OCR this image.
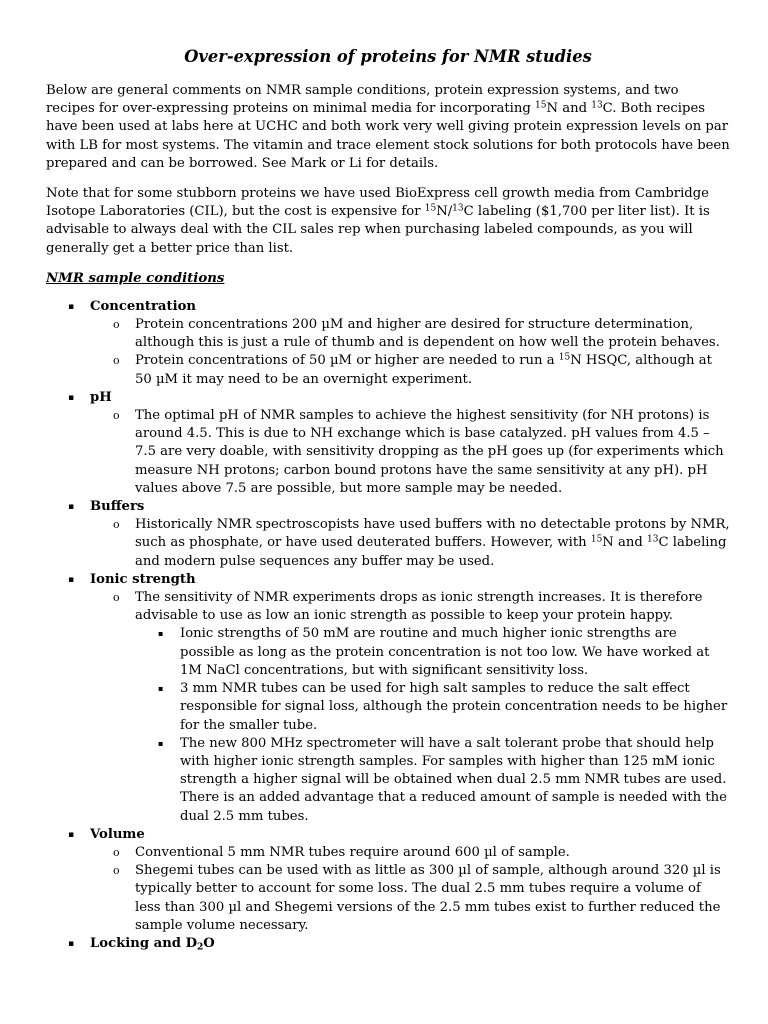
Over-expression of proteins for NMR studies

Below are general comments on NMR sample conditions, protein expression systems, and two recipes for over-expressing proteins on minimal media for incorporating $^{15}$N and $^{13}$C. Both recipes have been used at labs here at UCHC and both work very well giving protein expression levels on par with LB for most systems. The vitamin and trace element stock solutions for both protocols have been prepared and can be borrowed. See Mark or Li for details.

Note that for some stubborn proteins we have used BioExpress cell growth media from Cambridge Isotope Laboratories (CIL), but the cost is expensive for $^{15}$N/$^{13}$C labeling ($1,700 per liter list). It is advisable to always deal with the CIL sales rep when purchasing labeled compounds, as you will generally get a better price than list.

NMR sample conditions
▪ Concentration
o Protein concentrations 200 µM and higher are desired for structure determination, although this is just a rule of thumb and is dependent on how well the protein behaves.
o Protein concentrations of 50 µM or higher are needed to run a $^{15}$N HSQC, although at 50 µM it may need to be an overnight experiment.
▪ pH
o The optimal pH of NMR samples to achieve the highest sensitivity (for NH protons) is around 4.5. This is due to NH exchange which is base catalyzed. pH values from 4.5 – 7.5 are very doable, with sensitivity dropping as the pH goes up (for experiments which measure NH protons; carbon bound protons have the same sensitivity at any pH). pH values above 7.5 are possible, but more sample may be needed.
▪ Buffers
o Historically NMR spectroscopists have used buffers with no detectable protons by NMR, such as phosphate, or have used deuterated buffers. However, with $^{15}$N and $^{13}$C labeling and modern pulse sequences any buffer may be used.
▪ Ionic strength
o The sensitivity of NMR experiments drops as ionic strength increases. It is therefore advisable to use as low an ionic strength as possible to keep your protein happy.
▪ Ionic strengths of 50 mM are routine and much higher ionic strengths are possible as long as the protein concentration is not too low. We have worked at 1M NaCl concentrations, but with significant sensitivity loss.
▪ 3 mm NMR tubes can be used for high salt samples to reduce the salt effect responsible for signal loss, although the protein concentration needs to be higher for the smaller tube.
▪ The new 800 MHz spectrometer will have a salt tolerant probe that should help with higher ionic strength samples. For samples with higher than 125 mM ionic strength a higher signal will be obtained when dual 2.5 mm NMR tubes are used. There is an added advantage that a reduced amount of sample is needed with the dual 2.5 mm tubes.
▪ Volume
o Conventional 5 mm NMR tubes require around 600 µl of sample.
o Shegemi tubes can be used with as little as 300 µl of sample, although around 320 µl is typically better to account for some loss. The dual 2.5 mm tubes require a volume of less than 300 µl and Shegemi versions of the 2.5 mm tubes exist to further reduced the sample volume necessary.
▪ Locking and $D_2O$
